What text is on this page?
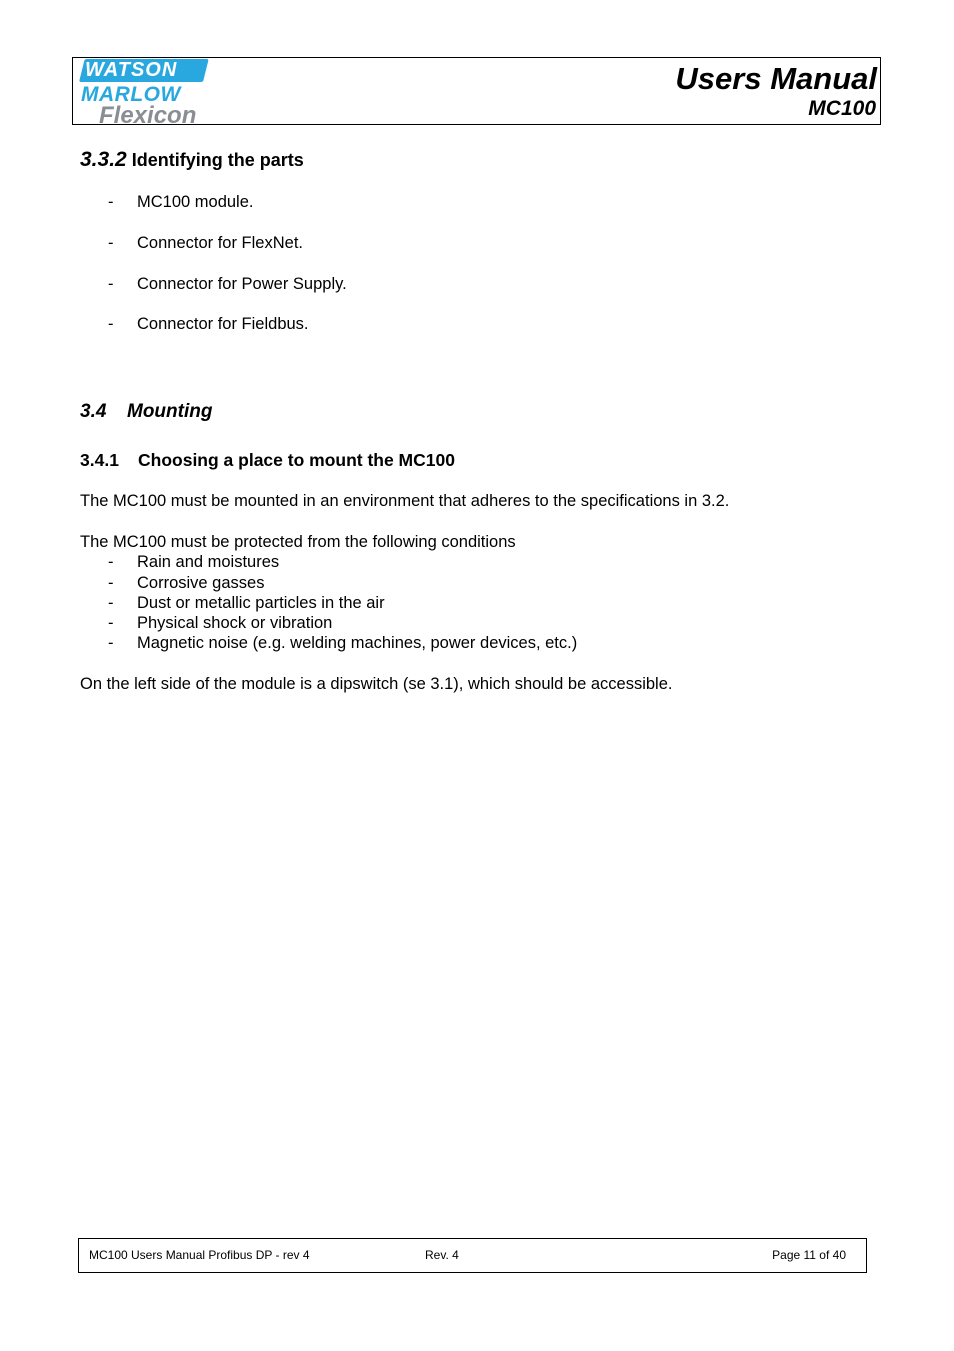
WATSON
MARLOW
Flexicon
Users Manual
MC100
3.3.2 Identifying the parts
- MC100 module.
- Connector for FlexNet.
- Connector for Power Supply.
- Connector for Fieldbus.
3.4 Mounting
3.4.1 Choosing a place to mount the MC100
The MC100 must be mounted in an environment that adheres to the specifications in 3.2.
The MC100 must be protected from the following conditions
- Rain and moistures
- Corrosive gasses
- Dust or metallic particles in the air
- Physical shock or vibration
- Magnetic noise (e.g. welding machines, power devices, etc.)
On the left side of the module is a dipswitch (se 3.1), which should be accessible.
MC100 Users Manual Profibus DP - rev 4	Rev. 4	Page 11 of 40
